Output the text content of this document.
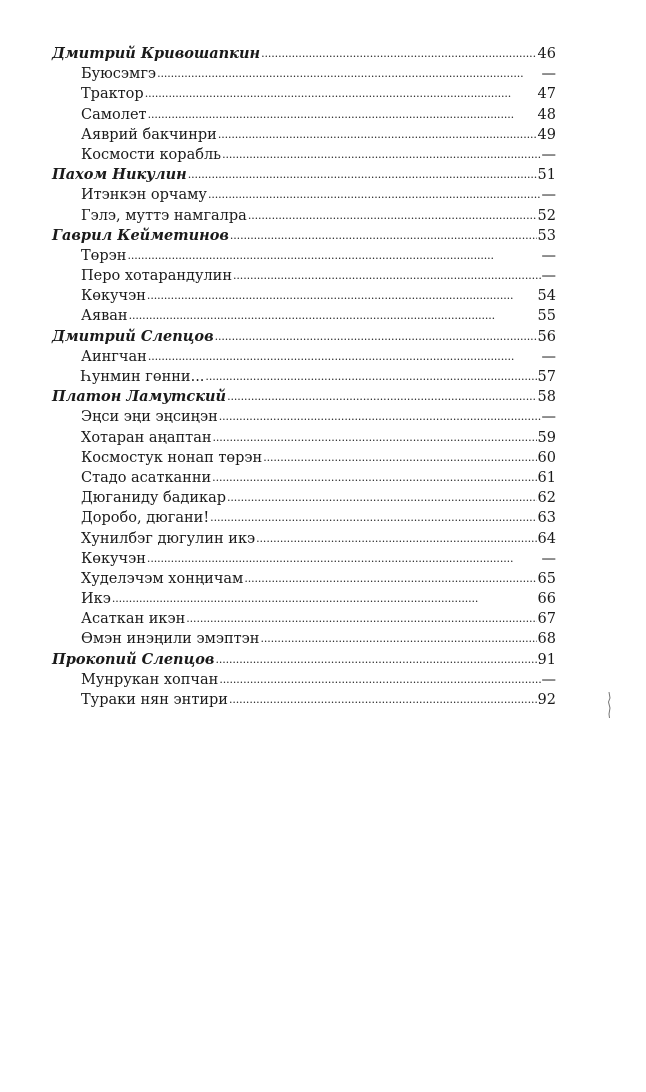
Дмитрий Кривошапкин . . .	46
Буюсэмгэ . . .	—
Трактор . . .	47
Самолет . . .	48
Аяврий бакчинри . . .	49
Космости корабль . . .	—
Пахом Никулин . . .	51
Итэнкэн орчаму . . .	—
Гэлэ, муттэ намгалра . . .	52
Гаврил Кейметинов . . .	53
Төрэн . . .	—
Перо хотарандулин . . .	—
Көкучэн . . .	54
Аяван . . .	55
Дмитрий Слепцов . . .	56
Аингчан . . .	—
Һунмин гөнни... . . .	57
Платон Ламутский . . .	58
Эңси эңи эңсиңэн . . .	—
Хотаран аңаптан . . .	59
Космостук нонап төрэн . . .	60
Стадо асатканни . . .	61
Дюганиду бадикар . . .	62
Доробо, дюгани! . . .	63
Хунилбэг дюгулин икэ . . .	64
Көкучэн . . .	—
Худелэчэм хонңичам . . .	65
Икэ . . .	66
Асаткан икэн . . .	67
Өмэн инэңили эмэптэн . . .	68
Прокопий Слепцов . . .	91
Мунрукан хопчан . . .	—
Тураки нян энтири . . .	92
